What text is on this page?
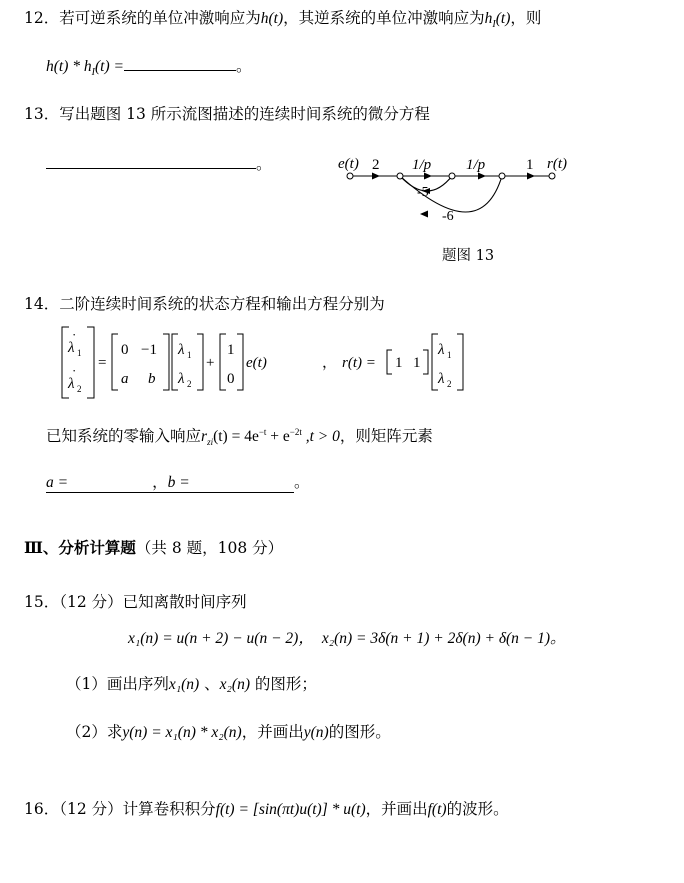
12．若可逆系统的单位冲激响应为h(t)，其逆系统的单位冲激响应为$h_I(t)$，则
$h(t) * h_I(t)$ =	。
13．写出题图 13 所示流图描述的连续时间系统的微分方程
。	e(t) 2 1/p 1/p	1 r(t)
-5
-6
题图 13
14．二阶连续时间系统的状态方程和输出方程分别为
λ 1
·
λ 2
· =
0 −1
a b
λ 1
λ 2
+
1
0
e(t)	， r(t) = 1 1
λ 1
λ 2
已知系统的零输入响应$r_{zi}(t) = 4e^{-t} + e^{-2t}$ ,t > 0，则矩阵元素
a =	，b =	。
Ⅲ、分析计算题（共 8 题，108 分）
15．（12 分）已知离散时间序列
x₁(n) = u(n + 2) − u(n − 2)， x₂(n) = 3δ(n + 1) + 2δ(n) + δ(n − 1)。
（1）画出序列x₁(n) 、x₂(n) 的图形；
（2）求y(n) = x₁(n) * x₂(n)，并画出y(n)的图形。
16．（12 分）计算卷积积分f(t) = [sin(πt)u(t)] * u(t)，并画出f(t)的波形。
